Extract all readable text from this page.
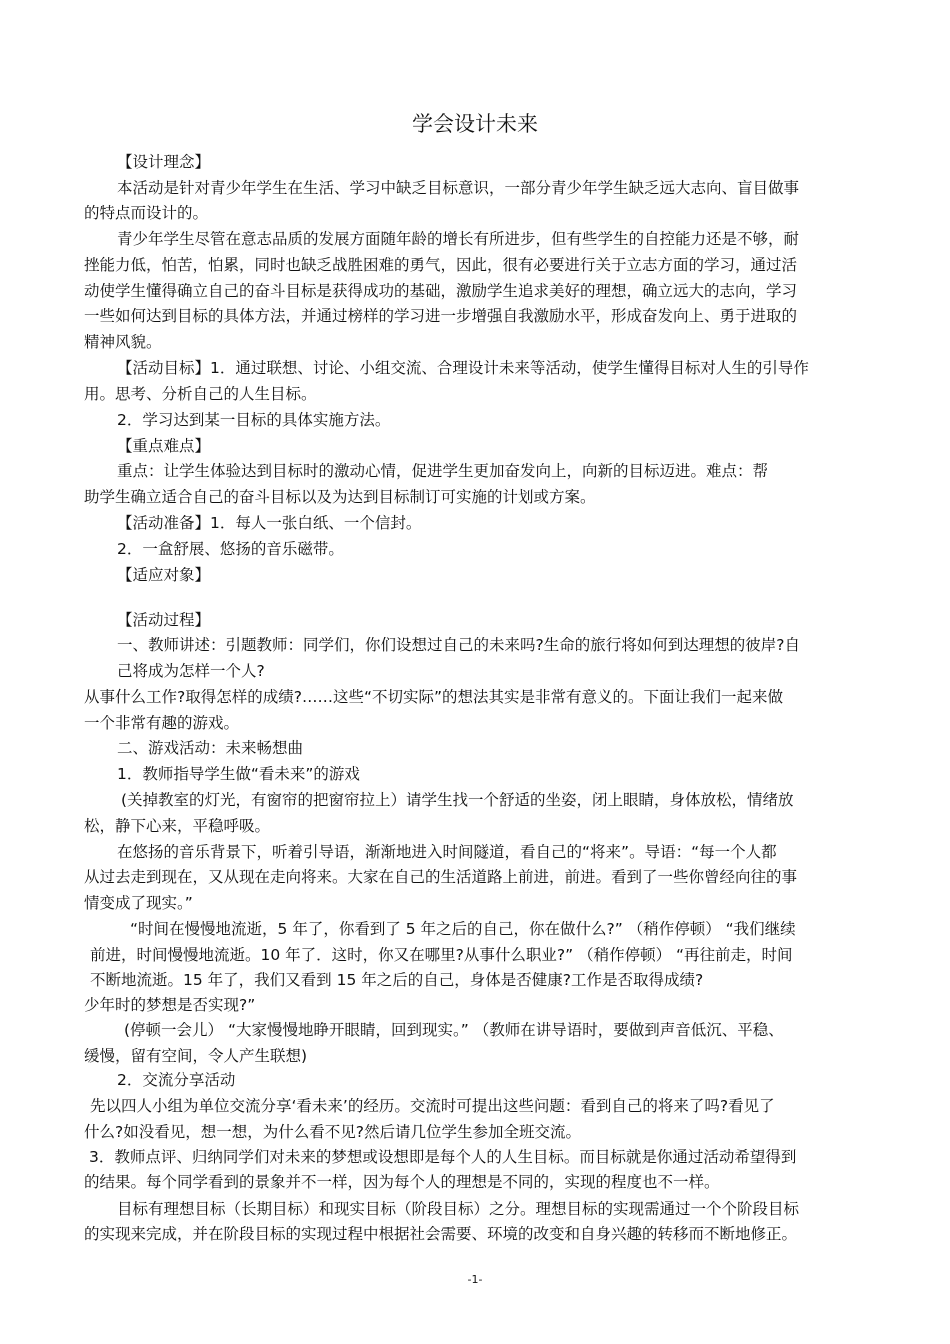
学会设计未来
【设计理念】
本活动是针对青少年学生在生活、学习中缺乏目标意识，一部分青少年学生缺乏远大志向、盲目做事
的特点而设计的。
青少年学生尽管在意志品质的发展方面随年龄的增长有所进步，但有些学生的自控能力还是不够，耐
挫能力低，怕苦，怕累，同时也缺乏战胜困难的勇气，因此，很有必要进行关于立志方面的学习，通过活
动使学生懂得确立自己的奋斗目标是获得成功的基础，激励学生追求美好的理想，确立远大的志向，学习
一些如何达到目标的具体方法，并通过榜样的学习进一步增强自我激励水平，形成奋发向上、勇于进取的
精神风貌。
【活动目标】1．通过联想、讨论、小组交流、合理设计未来等活动，使学生懂得目标对人生的引导作
用。思考、分析自己的人生目标。
2．学习达到某一目标的具体实施方法。
【重点难点】
重点：让学生体验达到目标时的激动心情，促进学生更加奋发向上，向新的目标迈进。难点：帮
助学生确立适合自己的奋斗目标以及为达到目标制订可实施的计划或方案。
【活动准备】1．每人一张白纸、一个信封。
2．一盒舒展、悠扬的音乐磁带。
【适应对象】
【活动过程】
一、教师讲述：引题教师：同学们，你们设想过自己的未来吗?生命的旅行将如何到达理想的彼岸?自
己将成为怎样一个人?
从事什么工作?取得怎样的成绩?……这些“不切实际”的想法其实是非常有意义的。下面让我们一起来做
一个非常有趣的游戏。
二、游戏活动：未来畅想曲
1．教师指导学生做“看未来”的游戏
(关掉教室的灯光，有窗帘的把窗帘拉上）请学生找一个舒适的坐姿，闭上眼睛，身体放松，情绪放
松，静下心来，平稳呼吸。
在悠扬的音乐背景下，听着引导语，渐渐地进入时间隧道，看自己的“将来”。导语：“每一个人都
从过去走到现在，又从现在走向将来。大家在自己的生活道路上前进，前进。看到了一些你曾经向往的事
情变成了现实。”
“时间在慢慢地流逝，5 年了，你看到了 5 年之后的自己，你在做什么?” （稍作停顿） “我们继续
前进，时间慢慢地流逝。10 年了．这时，你又在哪里?从事什么职业?” （稍作停顿） “再往前走，时间
不断地流逝。15 年了，我们又看到 15 年之后的自己，身体是否健康?工作是否取得成绩?
少年时的梦想是否实现?”
(停顿一会儿） “大家慢慢地睁开眼睛，回到现实。” （教师在讲导语时，要做到声音低沉、平稳、
缓慢，留有空间，令人产生联想)
2．交流分享活动
先以四人小组为单位交流分享‘看未来’的经历。交流时可提出这些问题：看到自己的将来了吗?看见了
什么?如没看见，想一想，为什么看不见?然后请几位学生参加全班交流。
3．教师点评、归纳同学们对未来的梦想或设想即是每个人的人生目标。而目标就是你通过活动希望得到
的结果。每个同学看到的景象并不一样，因为每个人的理想是不同的，实现的程度也不一样。
目标有理想目标（长期目标）和现实目标（阶段目标）之分。理想目标的实现需通过一个个阶段目标
的实现来完成，并在阶段目标的实现过程中根据社会需要、环境的改变和自身兴趣的转移而不断地修正。
-1-
